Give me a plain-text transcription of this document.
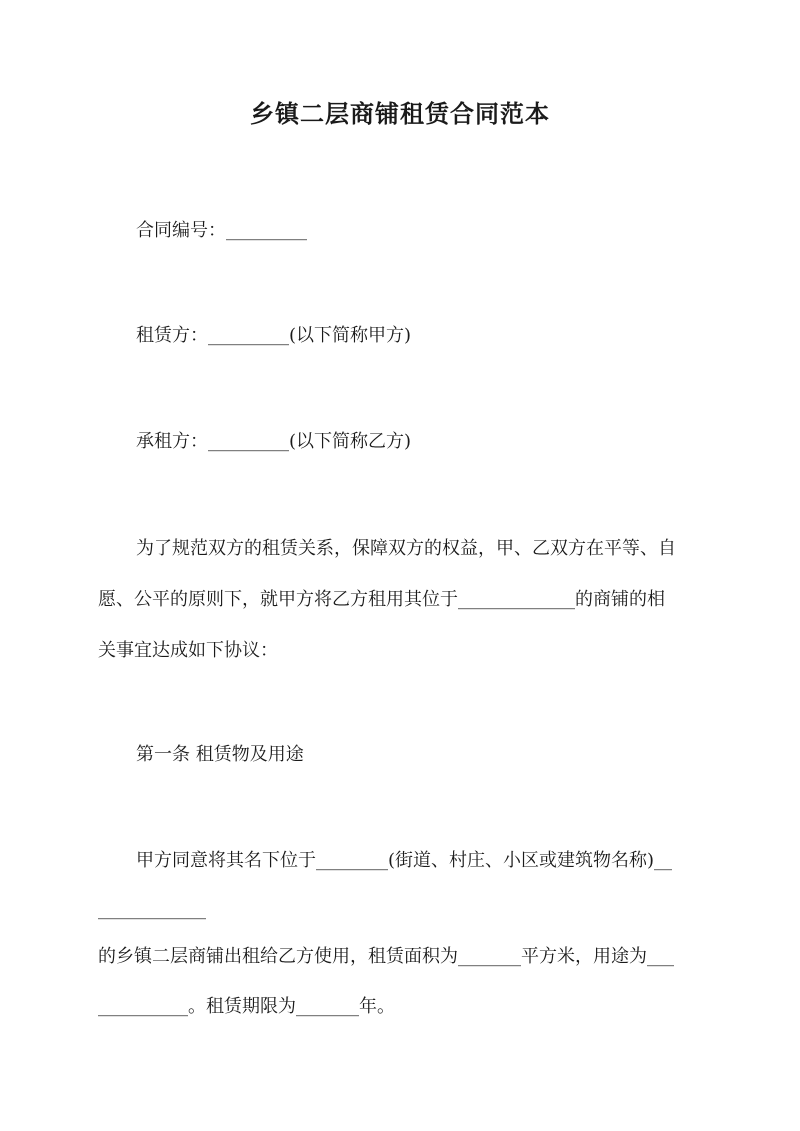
乡镇二层商铺租赁合同范本
合同编号：_________
租赁方：_________(以下简称甲方)
承租方：_________(以下简称乙方)
为了规范双方的租赁关系，保障双方的权益，甲、乙双方在平等、自
愿、公平的原则下，就甲方将乙方租用其位于_____________的商铺的相
关事宜达成如下协议：
第一条 租赁物及用途
甲方同意将其名下位于________(街道、村庄、小区或建筑物名称)__
____________
的乡镇二层商铺出租给乙方使用，租赁面积为_______平方米，用途为___
__________。租赁期限为_______年。
